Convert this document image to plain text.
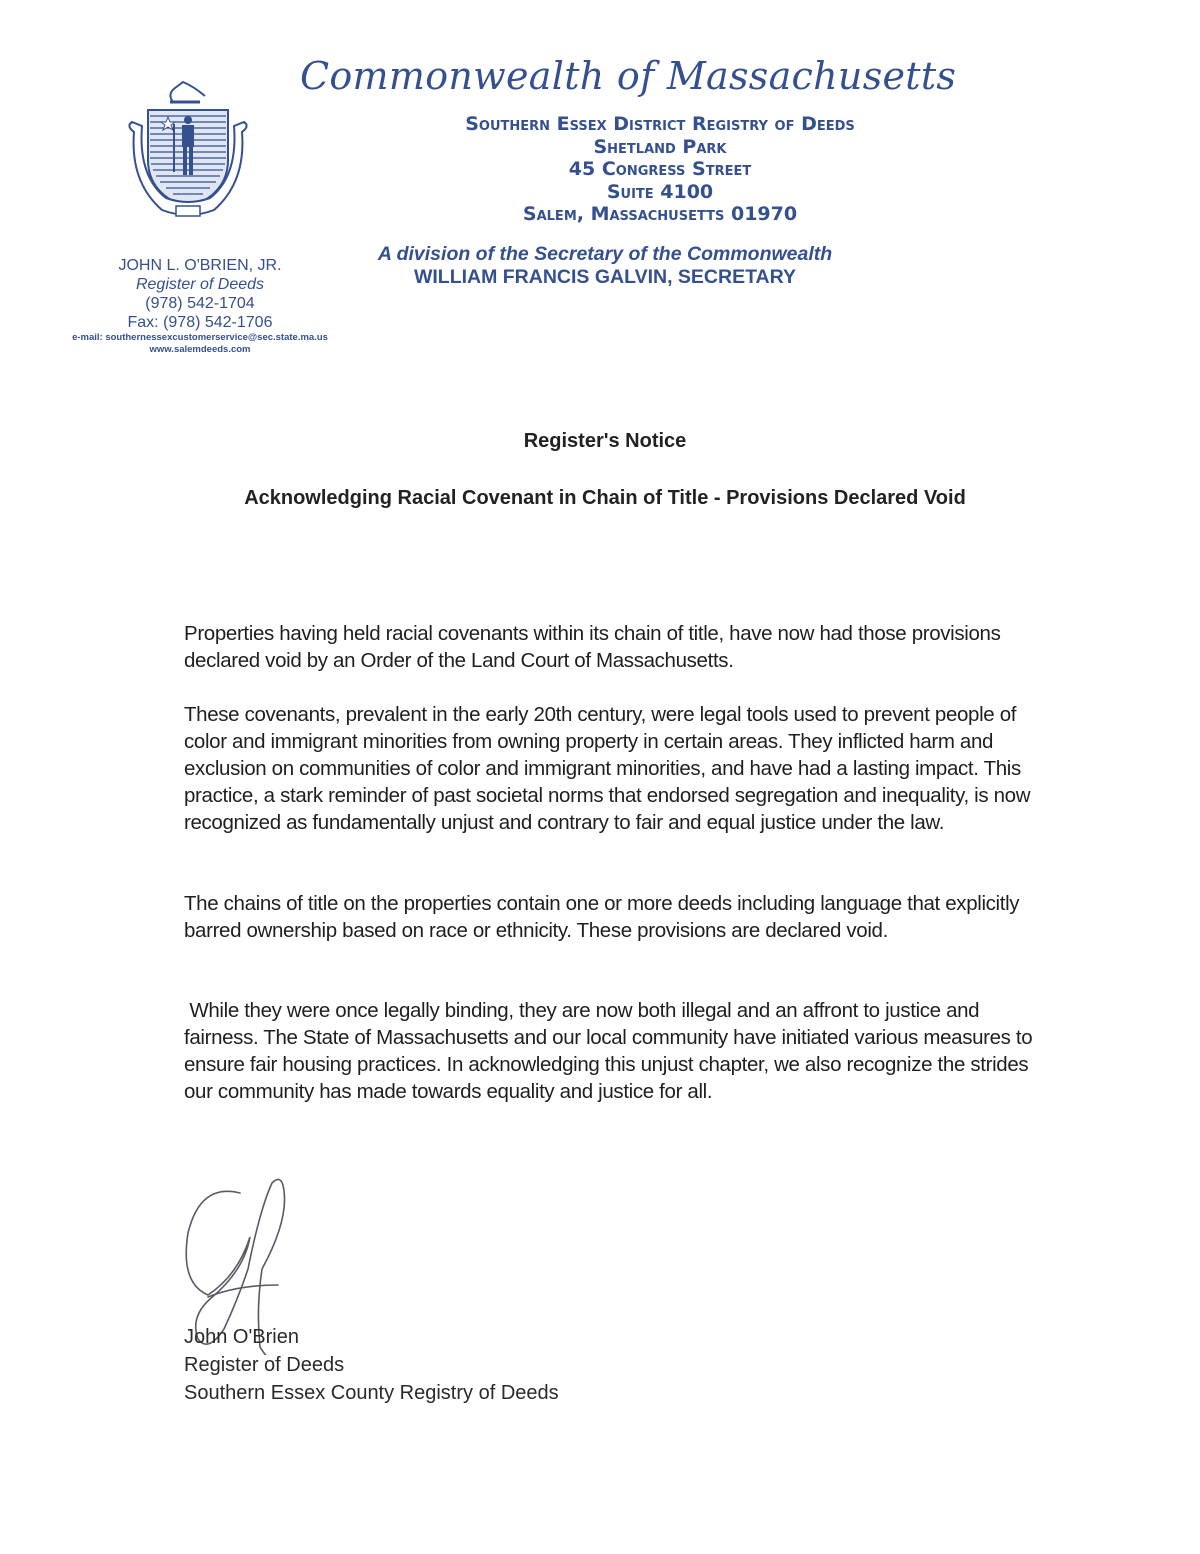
Commonwealth of Massachusetts
Southern Essex District Registry of Deeds
Shetland Park
45 Congress Street
Suite 4100
Salem, Massachusetts 01970
A division of the Secretary of the Commonwealth
WILLIAM FRANCIS GALVIN, SECRETARY
JOHN L. O'BRIEN, JR.
Register of Deeds
(978) 542-1704
Fax: (978) 542-1706
e-mail: southernessexcustomerservice@sec.state.ma.us
www.salemdeeds.com
Register's Notice
Acknowledging Racial Covenant in Chain of Title - Provisions Declared Void
Properties having held racial covenants within its chain of title, have now had those provisions declared void by an Order of the Land Court of Massachusetts.
These covenants, prevalent in the early 20th century, were legal tools used to prevent people of color and immigrant minorities from owning property in certain areas. They inflicted harm and exclusion on communities of color and immigrant minorities, and have had a lasting impact. This practice, a stark reminder of past societal norms that endorsed segregation and inequality, is now recognized as fundamentally unjust and contrary to fair and equal justice under the law.
The chains of title on the properties contain one or more deeds including language that explicitly barred ownership based on race or ethnicity. These provisions are declared void.
While they were once legally binding, they are now both illegal and an affront to justice and fairness. The State of Massachusetts and our local community have initiated various measures to ensure fair housing practices. In acknowledging this unjust chapter, we also recognize the strides our community has made towards equality and justice for all.
John O'Brien
Register of Deeds
Southern Essex County Registry of Deeds
